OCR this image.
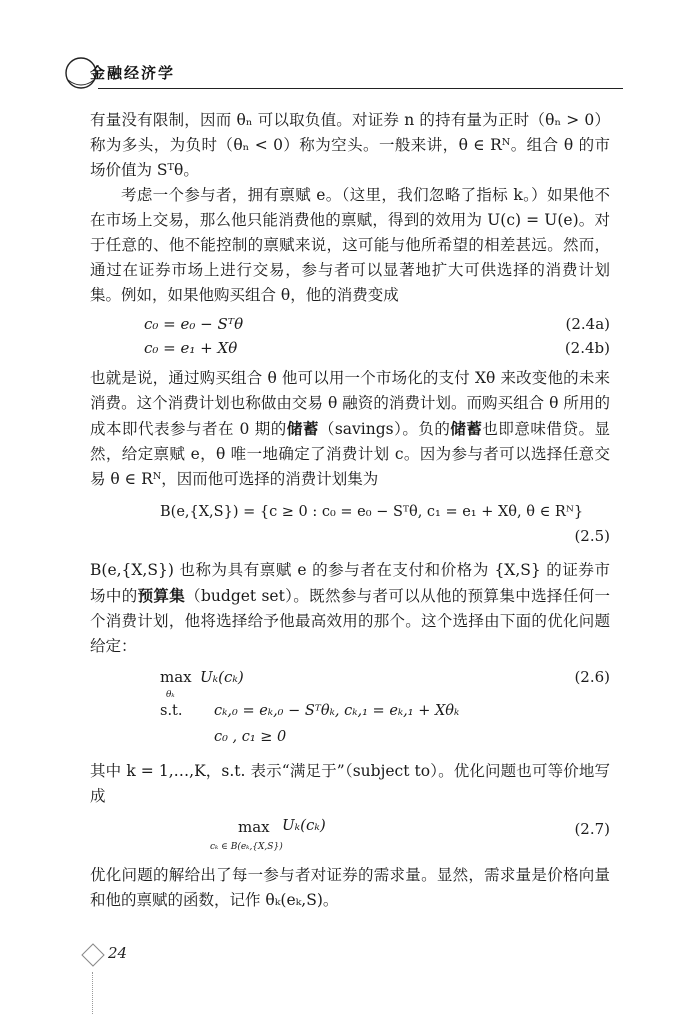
金融经济学

有量没有限制，因而 θₙ 可以取负值。对证券 n 的持有量为正时（θₙ > 0）称为多头，为负时（θₙ < 0）称为空头。一般来讲，θ ∈ Rᴺ。组合 θ 的市场价值为 Sᵀθ。

考虑一个参与者，拥有禀赋 e。（这里，我们忽略了指标 k。）如果他不在市场上交易，那么他只能消费他的禀赋，得到的效用为 U(c) = U(e)。对于任意的、他不能控制的禀赋来说，这可能与他所希望的相差甚远。然而，通过在证券市场上进行交易，参与者可以显著地扩大可供选择的消费计划集。例如，如果他购买组合 θ，他的消费变成

c₀ = e₀ − Sᵀθ	(2.4a)
c₀ = e₁ + Xθ	(2.4b)

也就是说，通过购买组合 θ 他可以用一个市场化的支付 Xθ 来改变他的未来消费。这个消费计划也称做由交易 θ 融资的消费计划。而购买组合 θ 所用的成本即代表参与者在 0 期的储蓄（savings）。负的储蓄也即意味借贷。显然，给定禀赋 e，θ 唯一地确定了消费计划 c。因为参与者可以选择任意交易 θ ∈ Rᴺ，因而他可选择的消费计划集为

B(e,{X,S}) = {c ≥ 0 : c₀ = e₀ − Sᵀθ, c₁ = e₁ + Xθ, θ ∈ Rᴺ}
(2.5)

B(e,{X,S}) 也称为具有禀赋 e 的参与者在支付和价格为 {X,S} 的证券市场中的预算集（budget set）。既然参与者可以从他的预算集中选择任何一个消费计划，他将选择给予他最高效用的那个。这个选择由下面的优化问题给定：

max Uₖ(cₖ)
θₖ
s.t. cₖ,₀ = eₖ,₀ − Sᵀθₖ, cₖ,₁ = eₖ,₁ + Xθₖ
c₀ , c₁ ≥ 0
(2.6)

其中 k = 1,…,K，s.t. 表示“满足于”（subject to）。优化问题也可等价地写成

max Uₖ(cₖ)
cₖ ∈ B(eₖ,{X,S})
(2.7)

优化问题的解给出了每一参与者对证券的需求量。显然，需求量是价格向量和他的禀赋的函数，记作 θₖ(eₖ,S)。

24
